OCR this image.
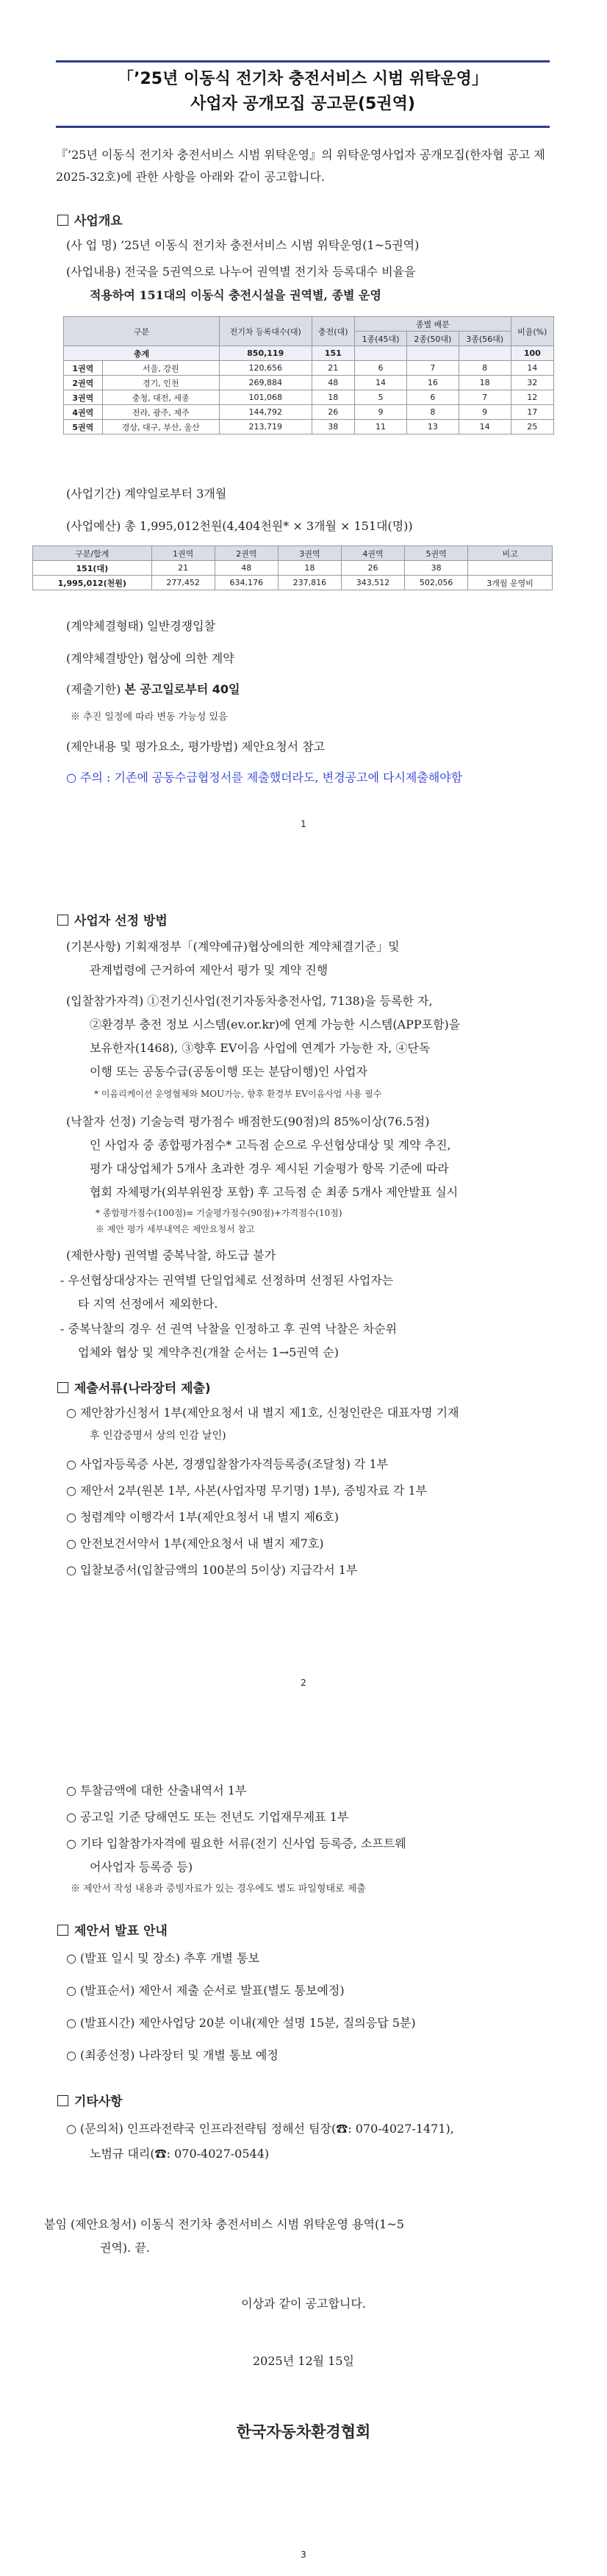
「’25년 이동식 전기차 충전서비스 시범 위탁운영」
사업자 공개모집 공고문(5권역)
『’25년 이동식 전기차 충전서비스 시범 위탁운영』의 위탁운영사업자 공개모집(한자협 공고 제2025-32호)에 관한 사항을 아래와 같이 공고합니다.
사업개요
(사 업 명) ’25년 이동식 전기차 충전서비스 시범 위탁운영(1~5권역)
(사업내용) 전국을 5권역으로 나누어 권역별 전기차 등록대수 비율을
적용하여 151대의 이동식 충전시설을 권역별, 종별 운영
구분		전기차 등록대수(대)	충전(대)	종별 배분			비율(%)
				1종(45대)	2종(50대)	3종(56대)	
총계		850,119	151				100
1권역	서울, 강원	120,656	21	6	7	8	14
2권역	경기, 인천	269,884	48	14	16	18	32
3권역	충청, 대전, 세종	101,068	18	5	6	7	12
4권역	전라, 광주, 제주	144,792	26	9	8	9	17
5권역	경상, 대구, 부산, 울산	213,719	38	11	13	14	25
(사업기간) 계약일로부터 3개월
(사업예산) 총 1,995,012천원(4,404천원* × 3개월 × 151대(명))
구분/합계	1권역	2권역	3권역	4권역	5권역	비고
151(대)	21	48	18	26	38	
1,995,012(천원)	277,452	634,176	237,816	343,512	502,056	3개월 운영비
(계약체결형태) 일반경쟁입찰
(계약체결방안) 협상에 의한 계약
(제출기한) 본 공고일로부터 40일
※ 추진 일정에 따라 변동 가능성 있음
(제안내용 및 평가요소, 평가방법) 제안요청서 참고
○ 주의 : 기존에 공동수급협정서를 제출했더라도, 변경공고에 다시제출해야함
1
사업자 선정 방법
(기본사항) 기획재정부「(계약예규)협상에의한 계약체결기준」및
관계법령에 근거하여 제안서 평가 및 계약 진행
(입찰참가자격) ①전기신사업(전기자동차충전사업, 7138)을 등록한 자,
②환경부 충전 정보 시스템(ev.or.kr)에 연계 가능한 시스템(APP포함)을
보유한자(1468), ③향후 EV이음 사업에 연계가 가능한 자, ④단독
이행 또는 공동수급(공동이행 또는 분담이행)인 사업자
* 이음리케이션 운영협체와 MOU가능, 향후 환경부 EV이음사업 사용 필수
(낙찰자 선정) 기술능력 평가점수 배점한도(90점)의 85%이상(76.5점)
인 사업자 중 종합평가점수* 고득점 순으로 우선협상대상 및 계약 추진,
평가 대상업체가 5개사 초과한 경우 제시된 기술평가 항목 기준에 따라
협회 자체평가(외부위원장 포함) 후 고득점 순 최종 5개사 제안발표 실시
* 종합평가점수(100점)= 기술평가점수(90점)+가격점수(10점)
※ 제안 평가 세부내역은 제안요청서 참고
(제한사항) 권역별 중복낙찰, 하도급 불가
- 우선협상대상자는 권역별 단일업체로 선정하며 선정된 사업자는
타 지역 선정에서 제외한다.
- 중복낙찰의 경우 선 권역 낙찰을 인정하고 후 권역 낙찰은 차순위
업체와 협상 및 계약추진(개찰 순서는 1→5권역 순)
제출서류(나라장터 제출)
○ 제안참가신청서 1부(제안요청서 내 별지 제1호, 신청인란은 대표자명 기재
후 인감증명서 상의 인감 날인)
○ 사업자등록증 사본, 경쟁입찰참가자격등록증(조달청) 각 1부
○ 제안서 2부(원본 1부, 사본(사업자명 무기명) 1부), 증빙자료 각 1부
○ 청렴계약 이행각서 1부(제안요청서 내 별지 제6호)
○ 안전보건서약서 1부(제안요청서 내 별지 제7호)
○ 입찰보증서(입찰금액의 100분의 5이상) 지급각서 1부
2
○ 투찰금액에 대한 산출내역서 1부
○ 공고일 기준 당해연도 또는 전년도 기업재무제표 1부
○ 기타 입찰참가자격에 필요한 서류(전기 신사업 등록증, 소프트웨
어사업자 등록증 등)
※ 제안서 작성 내용과 증빙자료가 있는 경우에도 별도 파일형태로 제출
제안서 발표 안내
○ (발표 일시 및 장소) 추후 개별 통보
○ (발표순서) 제안서 제출 순서로 발표(별도 통보예정)
○ (발표시간) 제안사업당 20분 이내(제안 설명 15분, 질의응답 5분)
○ (최종선정) 나라장터 및 개별 통보 예정
기타사항
○ (문의처) 인프라전략국 인프라전략팀 정해선 팀장(☎: 070-4027-1471),
노범규 대리(☎: 070-4027-0544)
붙임 (제안요청서) 이동식 전기차 충전서비스 시범 위탁운영 용역(1~5
권역). 끝.
이상과 같이 공고합니다.
2025년 12월 15일
한국자동차환경협회
3
